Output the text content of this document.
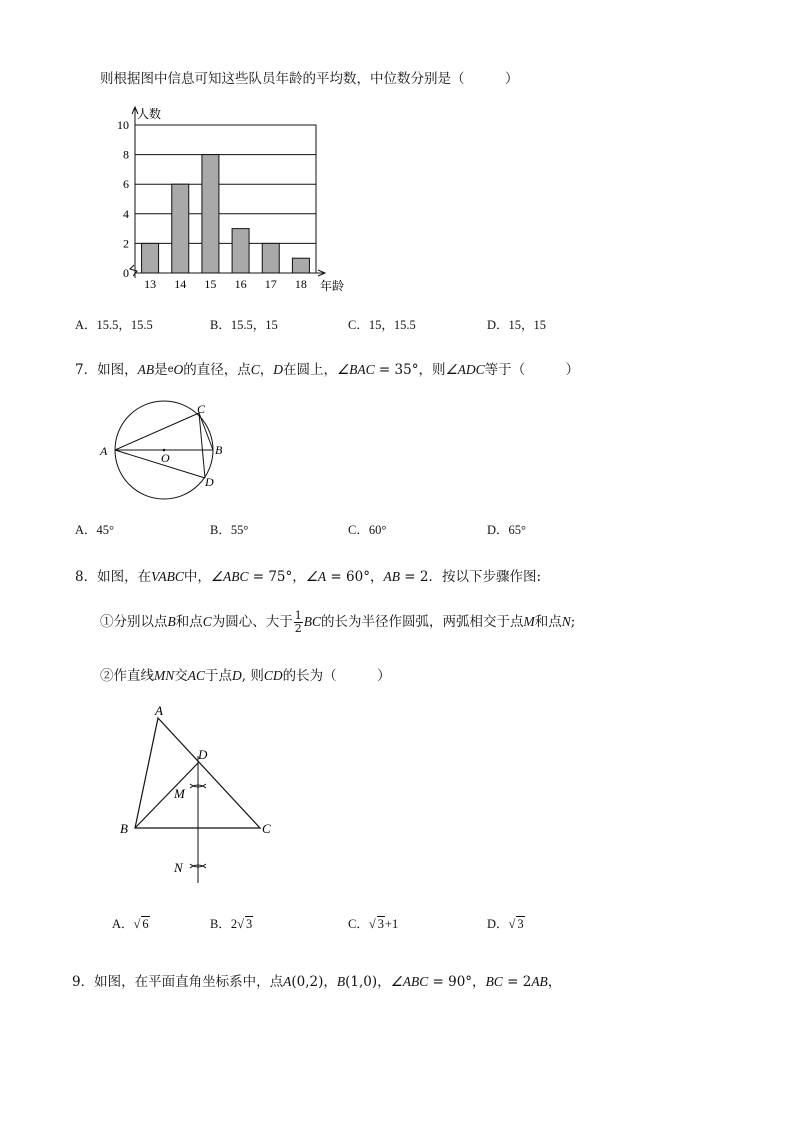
则根据图中信息可知这些队员年龄的平均数，中位数分别是（　　　）
0
2
4
6
8
10
13 14 15 16 17 18
人数
年龄
A．15.5，15.5	B．15.5，15	C．15，15.5	D．15，15
7．如图，AB是eO的直径，点C，D在圆上，∠BAC = 35°，则∠ADC等于（　　　）
A	B
C
D
O
A．45°	B．55°	C．60°	D．65°
8．如图，在VABC中，∠ABC = 75°，∠A = 60°，AB = 2．按以下步骤作图:
①分别以点B和点C为圆心、大于 $\frac{1}{2}$ BC的长为半径作圆弧，两弧相交于点M和点N;
②作直线MN交AC于点D, 则CD的长为（　　　）
A
B	C
D
M
N
A．√ 6	B．2√ 3	C．√ 3+1	D．√ 3
9．如图，在平面直角坐标系中，点A(0,2)，B(1,0)，∠ABC = 90°，BC = 2AB，
